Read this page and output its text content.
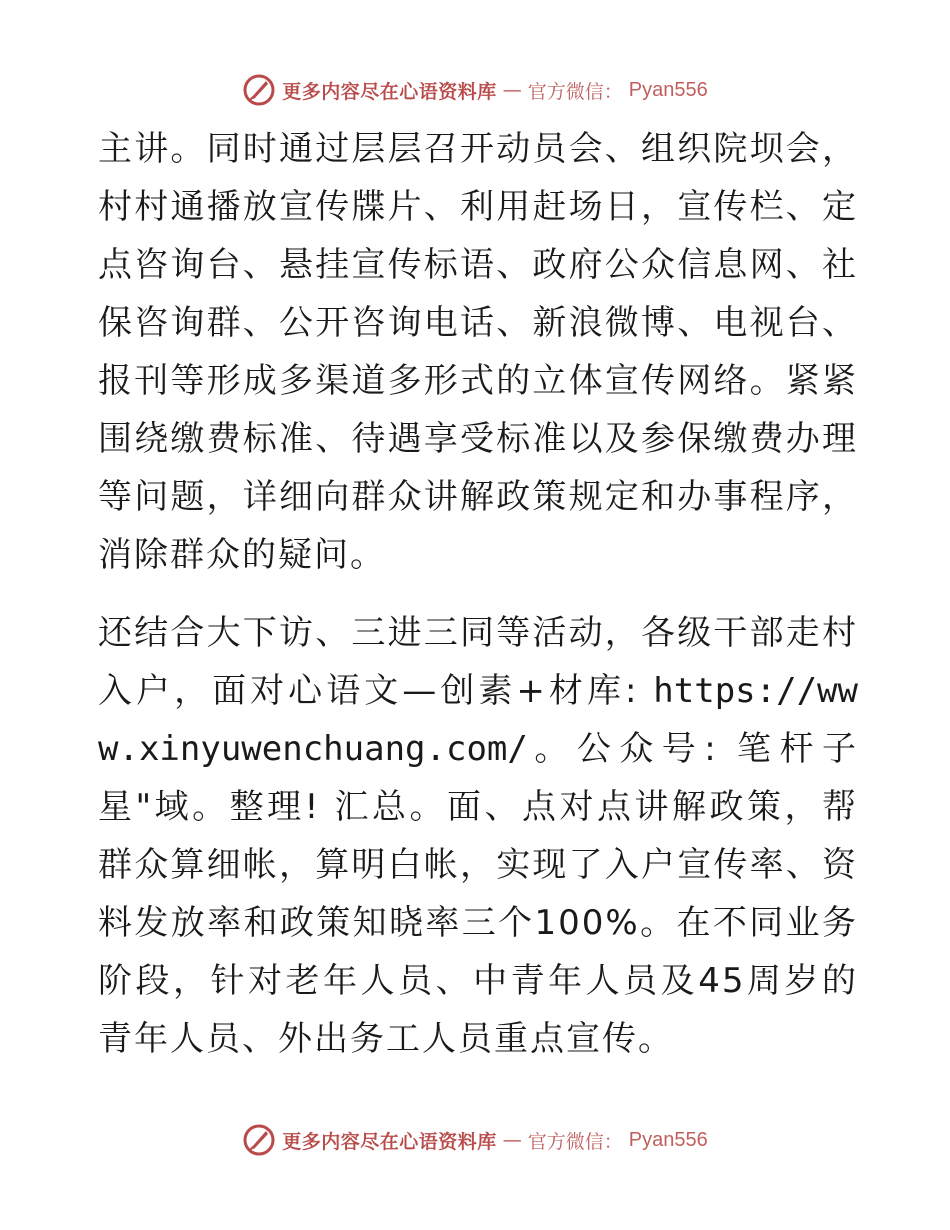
更多内容尽在心语资料库 — 官方微信： Pyan556

主讲。同时通过层层召开动员会、组织院坝会，村村通播放宣传牒片、利用赶场日，宣传栏、定点咨询台、悬挂宣传标语、政府公众信息网、社保咨询群、公开咨询电话、新浪微博、电视台、报刊等形成多渠道多形式的立体宣传网络。紧紧围绕缴费标准、待遇享受标准以及参保缴费办理等问题，详细向群众讲解政策规定和办事程序，消除群众的疑问。

还结合大下访、三进三同等活动，各级干部走村入户，面对心语文—创素+材库: https://www.xinyuwenchuang.com/。公众号: 笔杆子星"域。整理! 汇总。面、点对点讲解政策，帮群众算细帐，算明白帐，实现了入户宣传率、资料发放率和政策知晓率三个100%。在不同业务阶段，针对老年人员、中青年人员及45周岁的青年人员、外出务工人员重点宣传。

更多内容尽在心语资料库 — 官方微信： Pyan556
